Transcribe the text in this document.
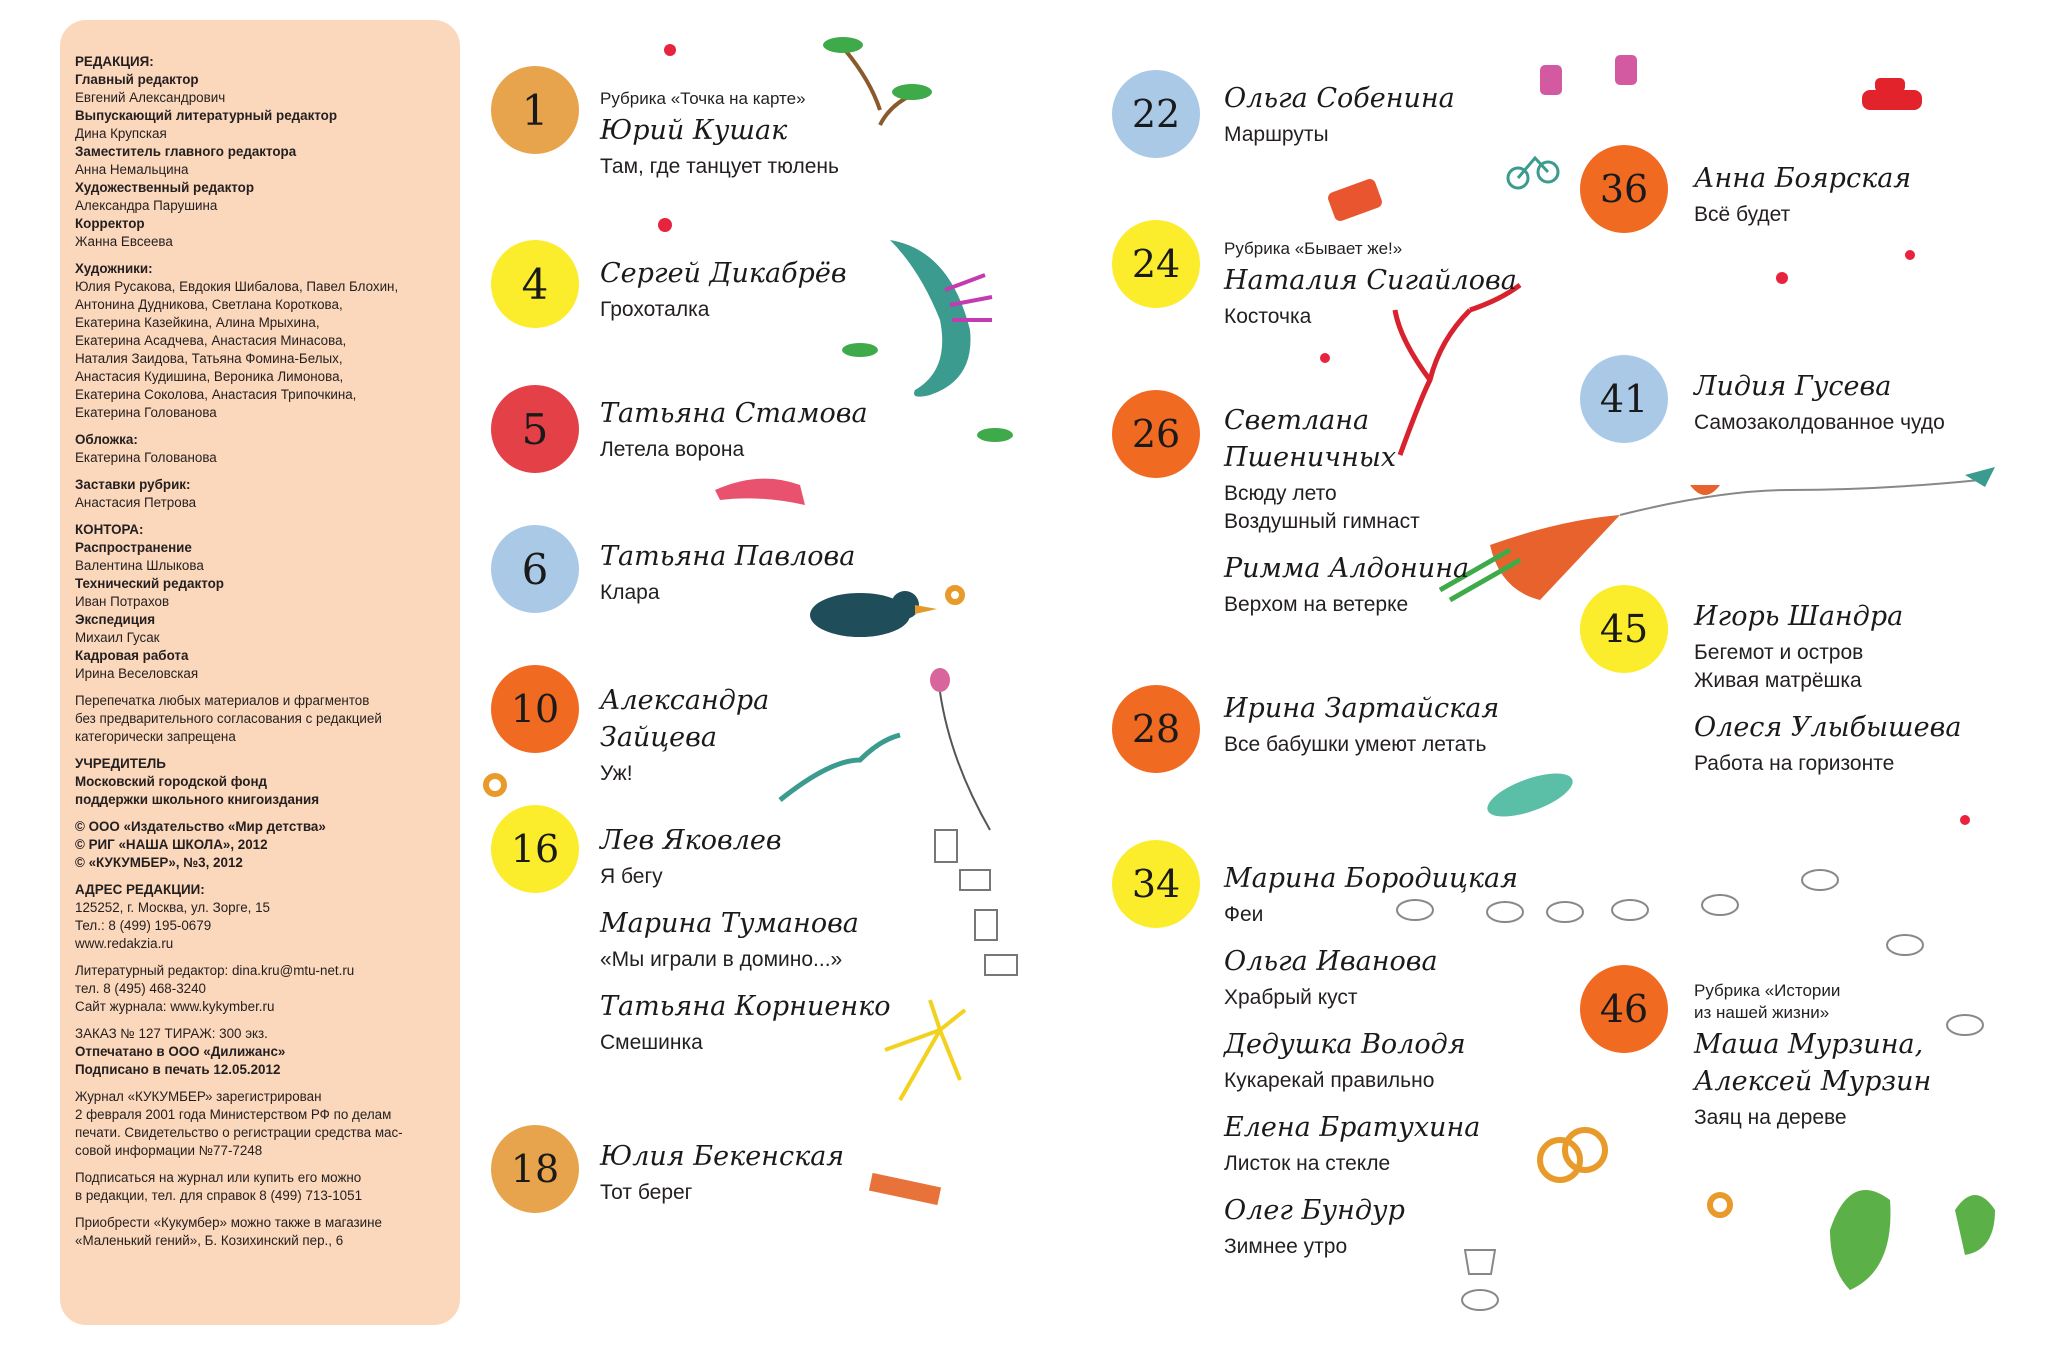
РЕДАКЦИЯ:
Главный редактор
Евгений Александрович
Выпускающий литературный редактор
Дина Крупская
Заместитель главного редактора
Анна Немальцина
Художественный редактор
Александра Парушина
Корректор
Жанна Евсеева
Художники:
Юлия Русакова, Евдокия Шибалова, Павел Блохин,
Антонина Дудникова, Светлана Короткова,
Екатерина Казейкина, Алина Мрыхина,
Екатерина Асадчева, Анастасия Минасова,
Наталия Заидова, Татьяна Фомина-Белых,
Анастасия Кудишина, Вероника Лимонова,
Екатерина Соколова, Анастасия Трипочкина,
Екатерина Голованова
Обложка:
Екатерина Голованова
Заставки рубрик:
Анастасия Петрова
КОНТОРА:
Распространение
Валентина Шлыкова
Технический редактор
Иван Потрахов
Экспедиция
Михаил Гусак
Кадровая работа
Ирина Веселовская
Перепечатка любых материалов и фрагментов
без предварительного согласования с редакцией
категорически запрещена
УЧРЕДИТЕЛЬ
Московский городской фонд
поддержки школьного книгоиздания
© ООО «Издательство «Мир детства»
© РИГ «НАША ШКОЛА», 2012
© «КУКУМБЕР», №3, 2012
АДРЕС РЕДАКЦИИ:
125252, г. Москва, ул. Зорге, 15
Тел.: 8 (499) 195-0679
www.redakzia.ru
Литературный редактор: dina.kru@mtu-net.ru
тел. 8 (495) 468-3240
Сайт журнала: www.kykymber.ru
ЗАКАЗ № 127 ТИРАЖ: 300 экз.
Отпечатано в ООО «Дилижанс»
Подписано в печать 12.05.2012
Журнал «КУКУМБЕР» зарегистрирован
2 февраля 2001 года Министерством РФ по делам
печати. Свидетельство о регистрации средства мас-
совой информации №77-7248
Подписаться на журнал или купить его можно
в редакции, тел. для справок 8 (499) 713-1051
Приобрести «Кукумбер» можно также в магазине
«Маленький гений», Б. Козихинский пер., 6
1	Рубрика «Точка на карте»
Юрий Кушак
Там, где танцует тюлень
4	Сергей Дикабрёв
Грохоталка
5	Татьяна Стамова
Летела ворона
6	Татьяна Павлова
Клара
10	Александра
Зайцева
Уж!
16	Лев Яковлев
Я бегу
Марина Туманова
«Мы играли в домино...»
Татьяна Корниенко
Смешинка
18	Юлия Бекенская
Тот берег
22	Ольга Собенина
Маршруты
24	Рубрика «Бывает же!»
Наталия Сигайлова
Косточка
26	Светлана
Пшеничных
Всюду лето
Воздушный гимнаст
Римма Алдонина
Верхом на ветерке
28	Ирина Зартайская
Все бабушки умеют летать
34	Марина Бородицкая
Феи
Ольга Иванова
Храбрый куст
Дедушка Володя
Кукарекай правильно
Елена Братухина
Листок на стекле
Олег Бундур
Зимнее утро
36	Анна Боярская
Всё будет
41	Лидия Гусева
Самозаколдованное чудо
45	Игорь Шандра
Бегемот и остров
Живая матрёшка
Олеся Улыбышева
Работа на горизонте
46	Рубрика «Истории
из нашей жизни»
Маша Мурзина,
Алексей Мурзин
Заяц на дереве
